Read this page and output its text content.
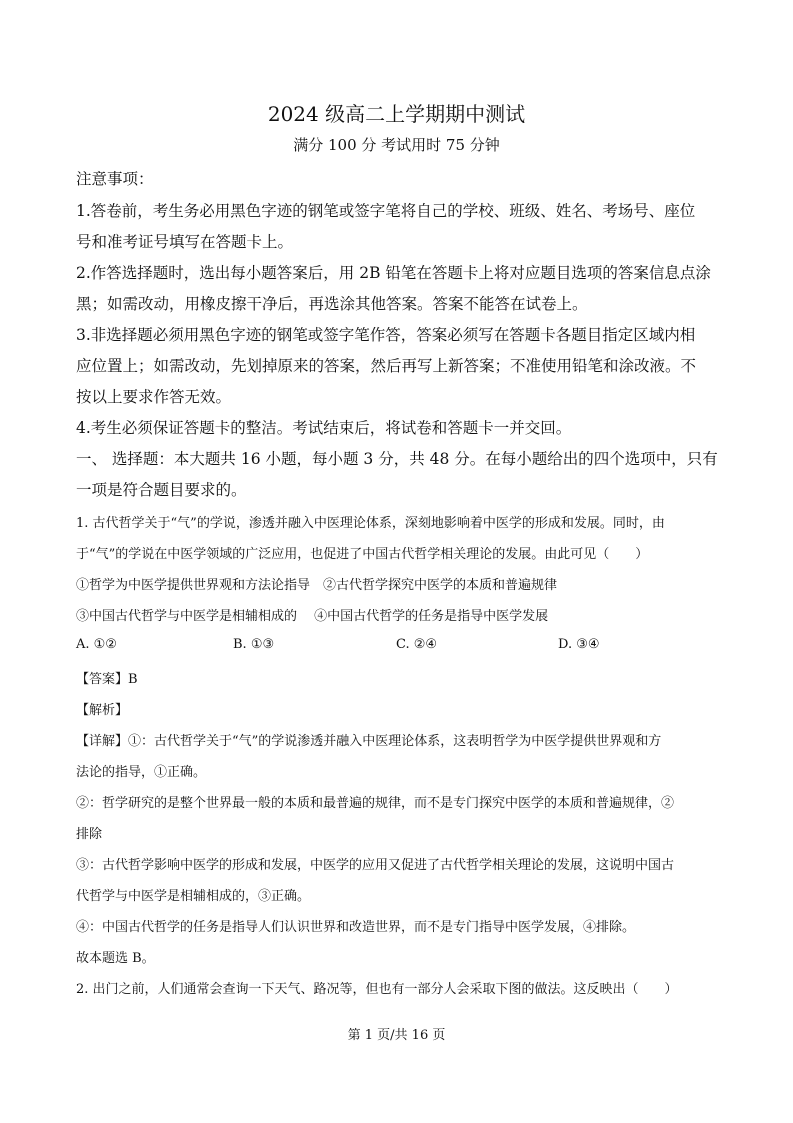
2024 级高二上学期期中测试
满分 100 分 考试用时 75 分钟
注意事项：
1.答卷前，考生务必用黑色字迹的钢笔或签字笔将自己的学校、班级、姓名、考场号、座位
号和准考证号填写在答题卡上。
2.作答选择题时，选出每小题答案后，用 2B 铅笔在答题卡上将对应题目选项的答案信息点涂
黑；如需改动，用橡皮擦干净后，再选涂其他答案。答案不能答在试卷上。
3.非选择题必须用黑色字迹的钢笔或签字笔作答，答案必须写在答题卡各题目指定区域内相
应位置上；如需改动，先划掉原来的答案，然后再写上新答案；不准使用铅笔和涂改液。不
按以上要求作答无效。
4.考生必须保证答题卡的整洁。考试结束后，将试卷和答题卡一并交回。
一、 选择题：本大题共 16 小题，每小题 3 分，共 48 分。在每小题给出的四个选项中，只有
一项是符合题目要求的。
1. 古代哲学关于“气”的学说，渗透并融入中医理论体系，深刻地影响着中医学的形成和发展。同时，由
于“气”的学说在中医学领域的广泛应用，也促进了中国古代哲学相关理论的发展。由此可见（　　）
①哲学为中医学提供世界观和方法论指导　②古代哲学探究中医学的本质和普遍规律
③中国古代哲学与中医学是相辅相成的　 ④中国古代哲学的任务是指导中医学发展
A. ①②	B. ①③	C. ②④	D. ③④
【答案】B
【解析】
【详解】①：古代哲学关于“气”的学说渗透并融入中医理论体系，这表明哲学为中医学提供世界观和方
法论的指导，①正确。
②：哲学研究的是整个世界最一般的本质和最普遍的规律，而不是专门探究中医学的本质和普遍规律，②
排除
③：古代哲学影响中医学的形成和发展，中医学的应用又促进了古代哲学相关理论的发展，这说明中国古
代哲学与中医学是相辅相成的，③正确。
④：中国古代哲学的任务是指导人们认识世界和改造世界，而不是专门指导中医学发展，④排除。
故本题选 B。
2. 出门之前，人们通常会查询一下天气、路况等，但也有一部分人会采取下图的做法。这反映出（　　）
第 1 页/共 16 页
